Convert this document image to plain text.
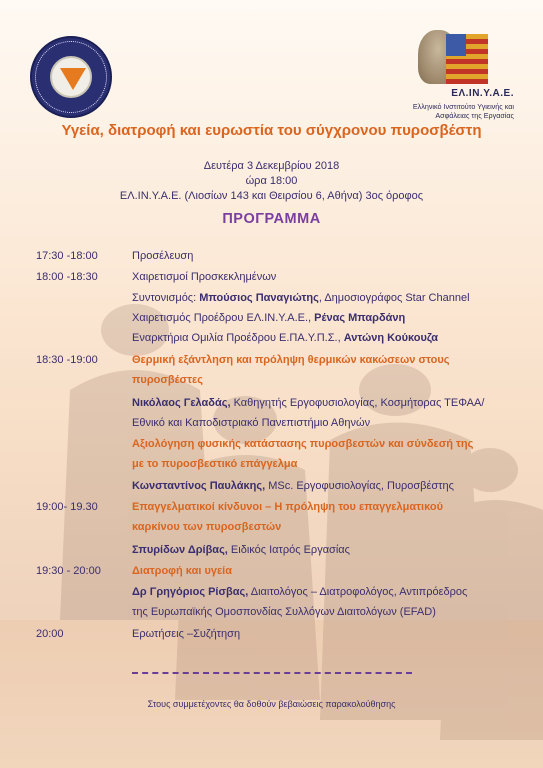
ΕΛ.ΙΝ.Υ.Α.Ε.
Ελληνικό Ινστιτούτο Υγιεινής και
Ασφάλειας της Εργασίας
Υγεία, διατροφή και ευρωστία του σύγχρονου πυροσβέστη
Δευτέρα 3 Δεκεμβρίου 2018
ώρα 18:00
ΕΛ.ΙΝ.Υ.Α.Ε. (Λιοσίων 143 και Θειρσίου 6, Αθήνα) 3ος όροφος
ΠΡΟΓΡΑΜΜΑ
17:30 -18:00	Προσέλευση
18:00 -18:30	Χαιρετισμοί Προσκεκλημένων
Συντονισμός: Μπούσιος Παναγιώτης, Δημοσιογράφος Star Channel
Χαιρετισμός Προέδρου ΕΛ.ΙΝ.Υ.Α.Ε., Ρένας Μπαρδάνη
Εναρκτήρια Ομιλία Προέδρου Ε.ΠΑ.Υ.Π.Σ., Αντώνη Κούκουζα
18:30 -19:00	Θερμική εξάντληση και πρόληψη θερμικών κακώσεων στους
πυροσβέστες
Νικόλαος Γελαδάς, Καθηγητής Εργοφυσιολογίας, Κοσμήτορας ΤΕΦΑΑ/
Εθνικό και Καποδιστριακό Πανεπιστήμιο Αθηνών
Αξιολόγηση φυσικής κατάστασης πυροσβεστών και σύνδεσή της
με το πυροσβεστικό επάγγελμα
Κωνσταντίνος Παυλάκης, MSc. Εργοφυσιολογίας, Πυροσβέστης
19:00- 19.30	Επαγγελματικοί κίνδυνοι – Η πρόληψη του επαγγελματικού
καρκίνου των πυροσβεστών
Σπυρίδων Δρίβας, Ειδικός Ιατρός Εργασίας
19:30 - 20:00	Διατροφή και υγεία
Δρ Γρηγόριος Ρίσβας, Διαιτολόγος – Διατροφολόγος, Αντιπρόεδρος
της Ευρωπαϊκής Ομοσπονδίας Συλλόγων Διαιτολόγων (EFAD)
20:00	Ερωτήσεις –Συζήτηση
Στους συμμετέχοντες θα δοθούν βεβαιώσεις παρακολούθησης
